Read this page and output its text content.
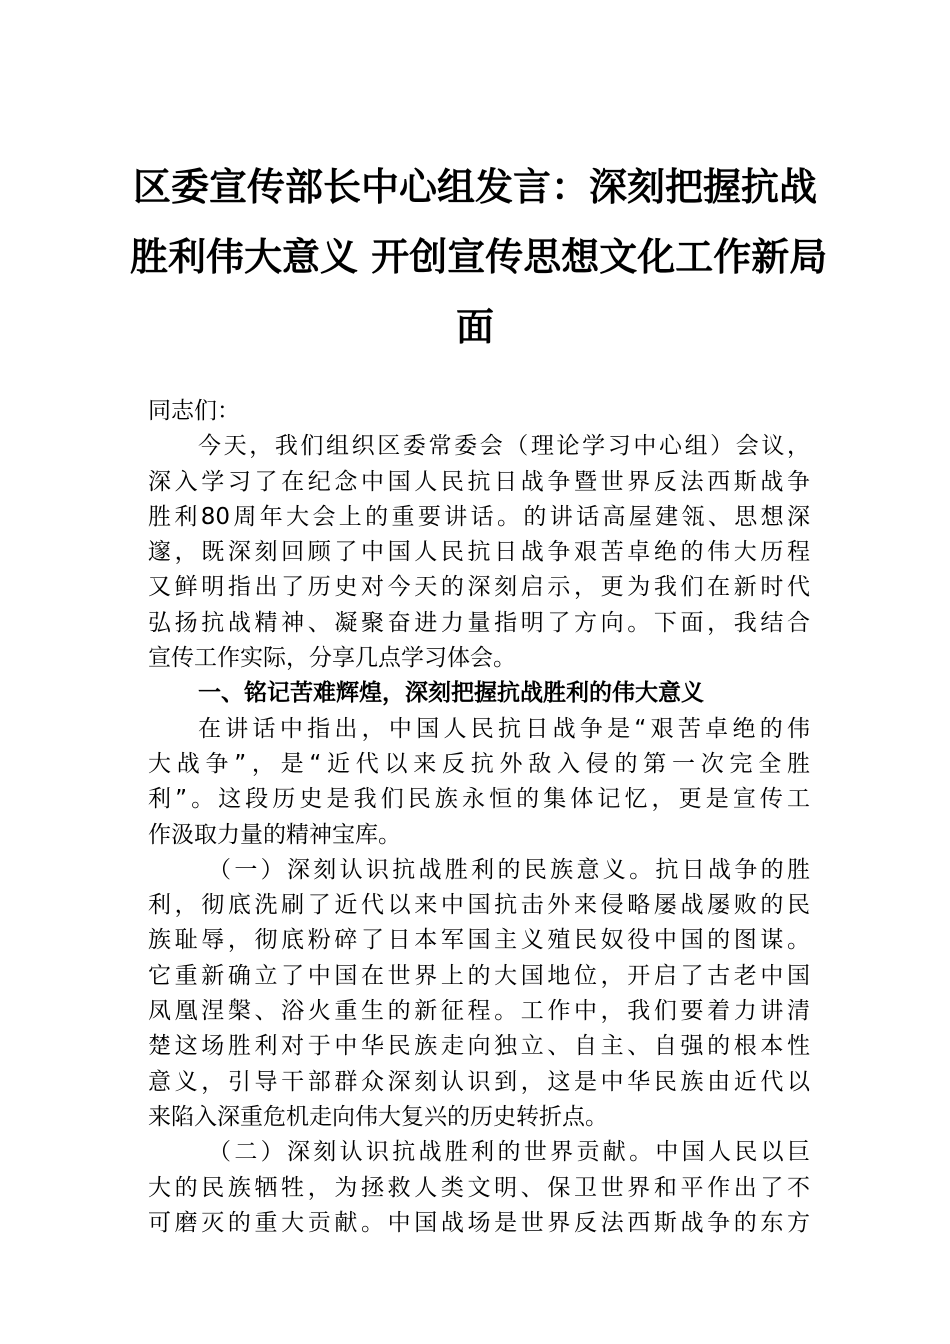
区委宣传部长中心组发言：深刻把握抗战
胜利伟大意义 开创宣传思想文化工作新局
面
同志们：
今天，我们组织区委常委会（理论学习中心组）会议，
深入学习了在纪念中国人民抗日战争暨世界反法西斯战争
胜利80周年大会上的重要讲话。的讲话高屋建瓴、思想深
邃，既深刻回顾了中国人民抗日战争艰苦卓绝的伟大历程
又鲜明指出了历史对今天的深刻启示，更为我们在新时代
弘扬抗战精神、凝聚奋进力量指明了方向。下面，我结合
宣传工作实际，分享几点学习体会。
一、铭记苦难辉煌，深刻把握抗战胜利的伟大意义
在讲话中指出，中国人民抗日战争是“艰苦卓绝的伟
大战争”，是“近代以来反抗外敌入侵的第一次完全胜
利”。这段历史是我们民族永恒的集体记忆，更是宣传工
作汲取力量的精神宝库。
（一）深刻认识抗战胜利的民族意义。抗日战争的胜
利，彻底洗刷了近代以来中国抗击外来侵略屡战屡败的民
族耻辱，彻底粉碎了日本军国主义殖民奴役中国的图谋。
它重新确立了中国在世界上的大国地位，开启了古老中国
凤凰涅槃、浴火重生的新征程。工作中，我们要着力讲清
楚这场胜利对于中华民族走向独立、自主、自强的根本性
意义，引导干部群众深刻认识到，这是中华民族由近代以
来陷入深重危机走向伟大复兴的历史转折点。
（二）深刻认识抗战胜利的世界贡献。中国人民以巨
大的民族牺牲，为拯救人类文明、保卫世界和平作出了不
可磨灭的重大贡献。中国战场是世界反法西斯战争的东方
